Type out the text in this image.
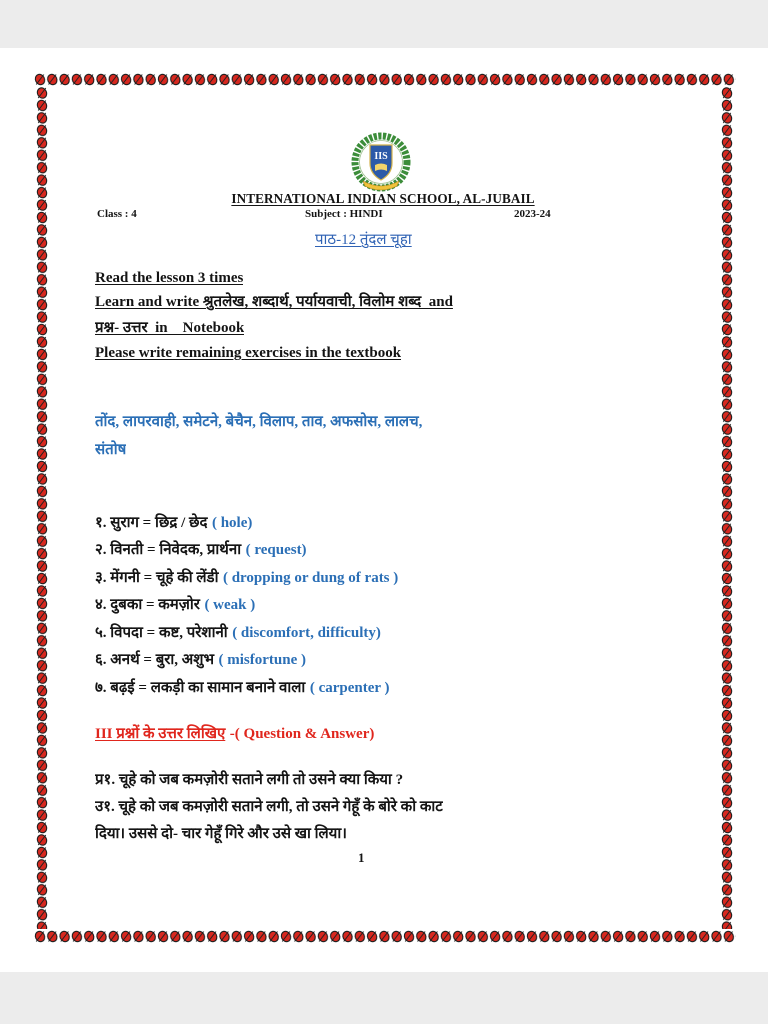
IIS
INTERNATIONAL INDIAN SCHOOL, AL-JUBAIL
Class : 4	Subject : HINDI	2023-24
पाठ-12 तुंदल चूहा
Read the lesson 3 times
Learn and write श्रुतलेख, शब्दार्थ, पर्यायवाची, विलोम शब्द  and
प्रश्न- उत्तर  in    Notebook
Please write remaining exercises in the textbook

तोंद, लापरवाही, समेटने, बेचैन, विलाप, ताव, अफसोस, लालच,
संतोष

१. सुराग = छिद्र / छेद ( hole)
२. विनती = निवेदक, प्रार्थना ( request)
३. मेंगनी = चूहे की लेंडी ( dropping or dung of rats )
४. दुबका = कमज़ोर ( weak )
५. विपदा = कष्ट, परेशानी ( discomfort, difficulty)
६. अनर्थ = बुरा, अशुभ ( misfortune )
७. बढ़ई = लकड़ी का सामान बनाने वाला ( carpenter )
III प्रश्नों के उत्तर लिखिए -( Question & Answer)
प्र१. चूहे को जब कमज़ोरी सताने लगी तो उसने क्या किया ?
उ१. चूहे को जब कमज़ोरी सताने लगी, तो उसने गेहूँ के बोरे को काट
दिया। उससे दो- चार गेहूँ गिरे और उसे खा लिया।
1
